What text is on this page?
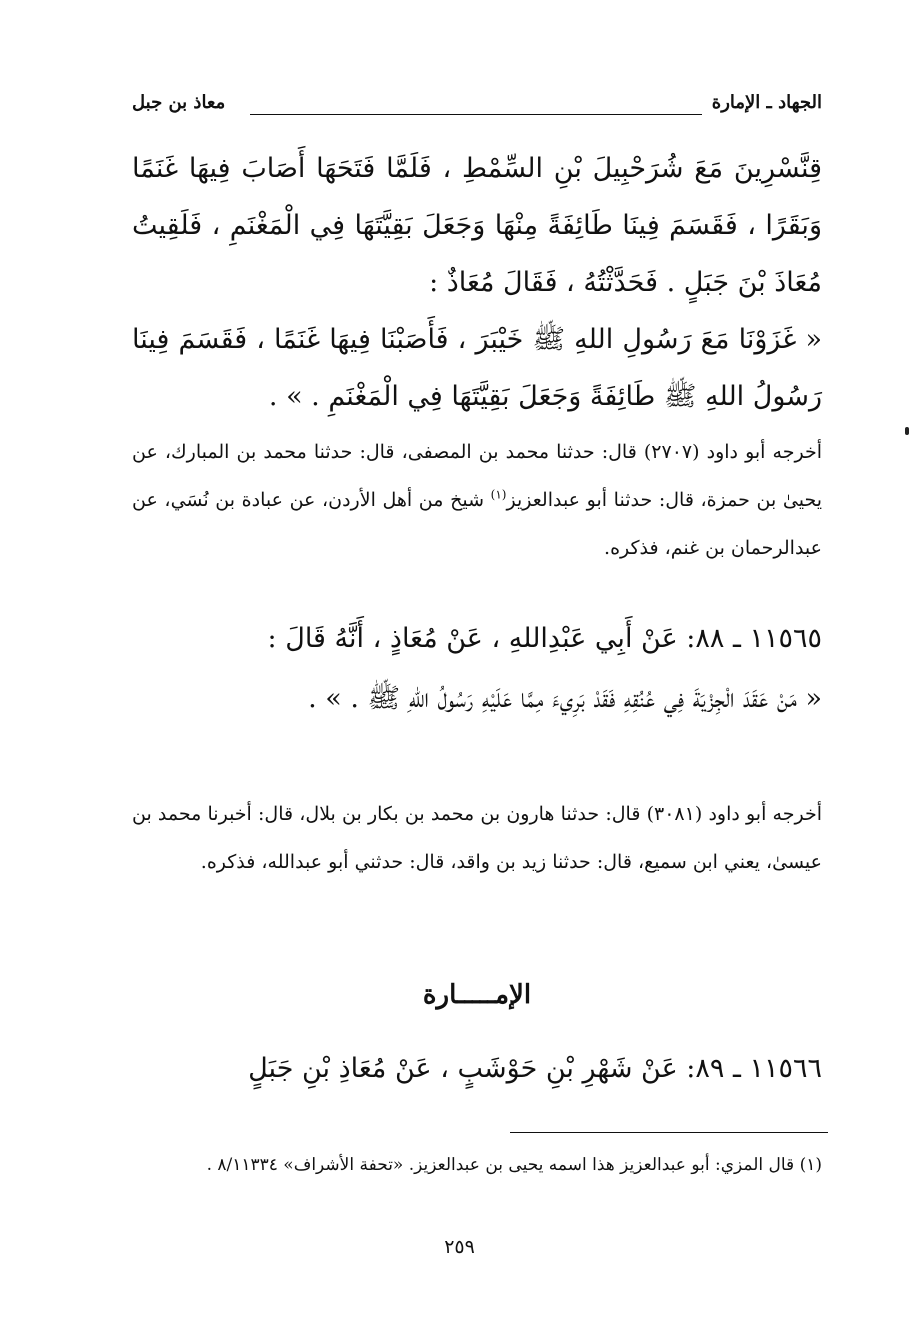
الجهاد ـ الإمارة
معاذ بن جبل
قِنَّسْرِينَ مَعَ شُرَحْبِيلَ بْنِ السِّمْطِ ، فَلَمَّا فَتَحَهَا أَصَابَ فِيهَا غَنَمًا وَبَقَرًا ، فَقَسَمَ فِينَا طَائِفَةً مِنْهَا وَجَعَلَ بَقِيَّتَهَا فِي الْمَغْنَمِ ، فَلَقِيتُ مُعَاذَ بْنَ جَبَلٍ . فَحَدَّثْتُهُ ، فَقَالَ مُعَاذٌ :
« غَزَوْنَا مَعَ رَسُولِ اللهِ ﷺ خَيْبَرَ ، فَأَصَبْنَا فِيهَا غَنَمًا ، فَقَسَمَ فِينَا رَسُولُ اللهِ ﷺ طَائِفَةً وَجَعَلَ بَقِيَّتَهَا فِي الْمَغْنَمِ . » .
أخرجه أبو داود (٢٧٠٧) قال: حدثنا محمد بن المصفى، قال: حدثنا محمد بن المبارك، عن يحيىٰ بن حمزة، قال: حدثنا أبو عبدالعزيز$^{(١)}$ شيخ من أهل الأردن، عن عبادة بن نُسَي، عن عبدالرحمان بن غنم، فذكره.
١١٥٦٥ ـ ٨٨: عَنْ أَبِي عَبْدِاللهِ ، عَنْ مُعَاذٍ ، أَنَّهُ قَالَ :
« مَنْ عَقَدَ الْجِزْيَةَ فِي عُنُقِهِ فَقَدْ بَرِيءَ مِمَّا عَلَيْهِ رَسُولُ اللهِ ﷺ . » .
أخرجه أبو داود (٣٠٨١) قال: حدثنا هارون بن محمد بن بكار بن بلال، قال: أخبرنا محمد بن عيسىٰ، يعني ابن سميع، قال: حدثنا زيد بن واقد، قال: حدثني أبو عبدالله، فذكره.
الإمـــــارة
١١٥٦٦ ـ ٨٩: عَنْ شَهْرِ بْنِ حَوْشَبٍ ، عَنْ مُعَاذِ بْنِ جَبَلٍ
(١) قال المزي: أبو عبدالعزيز هذا اسمه يحيى بن عبدالعزيز. «تحفة الأشراف» ٨/١١٣٣٤ .
٢٥٩
